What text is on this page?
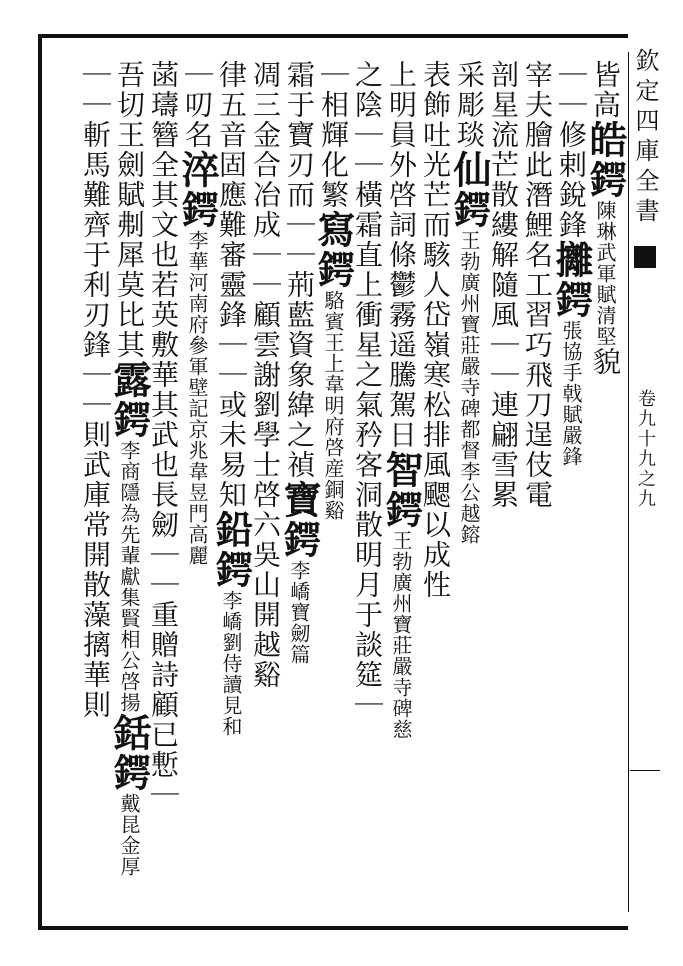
欽定四庫全書   卷九十九之九
皆高皓鍔陳琳武軍賦清堅貌
｜｜修剌銳鋒攡鍔張協手戟賦嚴鋒
宰夫膾此潛鯉名工習巧飛刀逞伎電
剖星流芒散縷解隨風｜｜連翩雪累
采彫琰仙鍔王勃廣州寶莊嚴寺碑都督李公越鎔
表飾吐光芒而駭人岱嶺寒松排風颸以成性
上明員外啓詞條鬱霧遥騰駕日智鍔王勃廣州寶莊嚴寺碑慈
之陰｜｜橫霜直上衝星之氣矜客洞散明月于談筵｜
｜相輝化繁寫鍔駱賓王上韋明府啓産銅谿
霜于寶刃而｜｜荊藍資象緯之禎寶鍔李嶠寶劒篇
凋三金合冶成｜｜顧雲謝劉學士啓六吳山開越谿
律五音固應難審靈鋒｜｜或未易知鉛鍔李嶠劉侍讀見和
｜叨名淬鍔李華河南府參軍壁記京兆韋昱門高麗
菡璹簪全其文也若英敷華其武也長劒｜｜重贈詩顧已慙｜
吾切王劍賦刜犀莫比其露鍔李商隱為先輩獻集賢相公啓揚銛鍔戴昆金厚
｜｜斬馬難齊于利刃鋒｜｜則武庫常開散藻摛華則
